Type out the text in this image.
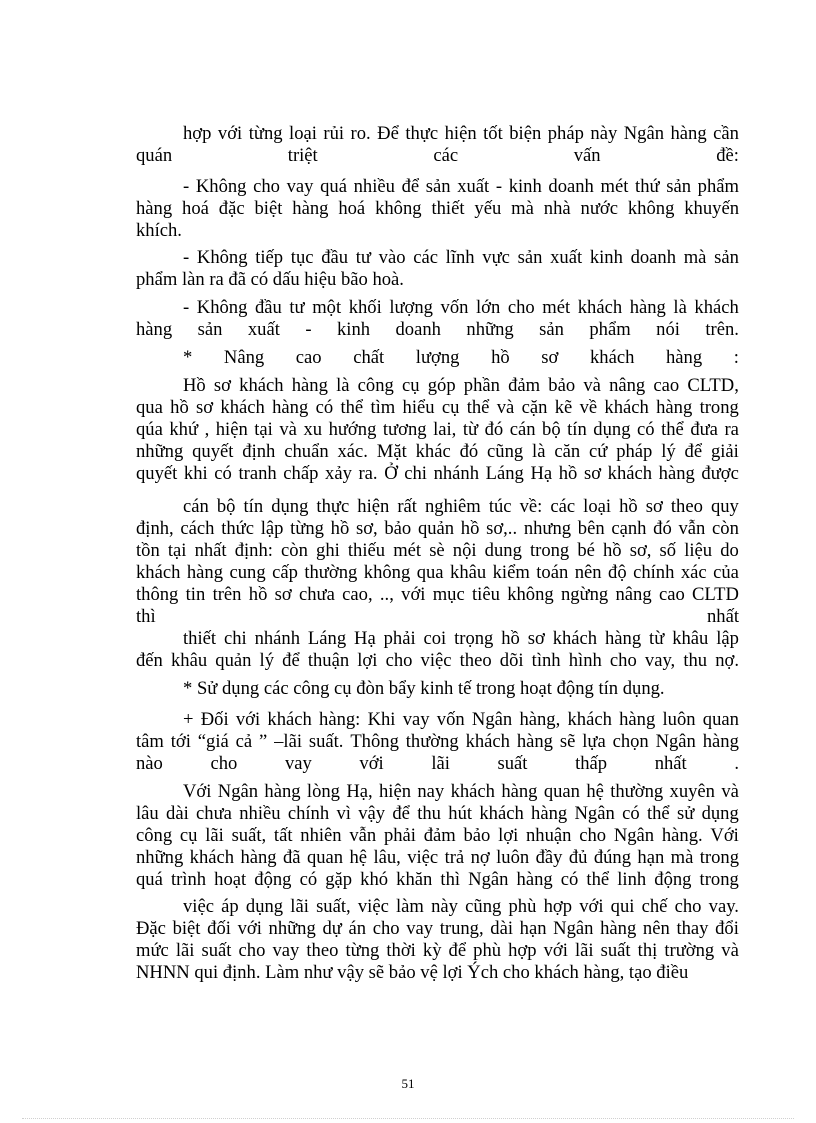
hợp với từng loại rủi ro. Để thực hiện tốt biện pháp này Ngân hàng cần
quán	triệt	các	vấn	đề:
- Không cho vay quá nhiều để sản xuất - kinh doanh mét thứ sản phẩm
hàng hoá đặc biệt hàng hoá không thiết yếu mà nhà nước không khuyến
khích.
- Không tiếp tục đầu tư vào các lĩnh vực sản xuất kinh doanh mà sản
phẩm làn ra đã có dấu hiệu bão hoà.
- Không đầu tư một khối lượng vốn lớn cho mét khách hàng là khách
hàng sản xuất - kinh doanh những sản phẩm nói trên.
* Nâng cao chất lượng hồ sơ khách hàng :
Hồ sơ khách hàng là công cụ góp phần đảm bảo và nâng cao CLTD,
qua hồ sơ khách hàng có thể tìm hiểu cụ thể và cặn kẽ về khách hàng trong
qúa khứ , hiện tại và xu hướng tương lai, từ đó cán bộ tín dụng có thể đưa ra
những quyết định chuẩn xác. Mặt khác đó cũng là căn cứ pháp lý để giải
quyết khi có tranh chấp xảy ra. Ở chi nhánh Láng Hạ hồ sơ khách hàng được
cán bộ tín dụng thực hiện rất nghiêm túc về: các loại hồ sơ theo quy
định, cách thức lập từng hồ sơ, bảo quản hồ sơ,.. nhưng bên cạnh đó vẫn còn
tồn tại nhất định: còn ghi thiếu mét sè nội dung trong bé hồ sơ, số liệu do
khách hàng cung cấp thường không qua khâu kiểm toán nên độ chính xác của
thông tin trên hồ sơ chưa cao, .., với mục tiêu không ngừng nâng cao CLTD
thì	nhất
thiết chi nhánh Láng Hạ phải coi trọng hồ sơ khách hàng từ khâu lập
đến khâu quản lý để thuận lợi cho việc theo dõi tình hình cho vay, thu nợ.
* Sử dụng các công cụ đòn bẩy kinh tế trong hoạt động tín dụng.
+ Đối với khách hàng: Khi vay vốn Ngân hàng, khách hàng luôn quan
tâm tới “giá cả ” –lãi suất. Thông thường khách hàng sẽ lựa chọn Ngân hàng
nào	cho	vay	với	lãi	suất	thấp	nhất	.
Với Ngân hàng lòng Hạ, hiện nay khách hàng quan hệ thường xuyên và
lâu dài chưa nhiều chính vì vậy để thu hút khách hàng Ngân có thể sử dụng
công cụ lãi suất, tất nhiên vẫn phải đảm bảo lợi nhuận cho Ngân hàng. Với
những khách hàng đã quan hệ lâu, việc trả nợ luôn đầy đủ đúng hạn mà trong
quá trình hoạt động có gặp khó khăn thì Ngân hàng có thể linh động trong
việc áp dụng lãi suất, việc làm này cũng phù hợp với qui chế cho vay.
Đặc biệt đối với những dự án cho vay trung, dài hạn Ngân hàng nên thay đổi
mức lãi suất cho vay theo từng thời kỳ để phù hợp với lãi suất thị trường và
NHNN qui định. Làm như vậy sẽ bảo vệ lợi Ých cho khách hàng, tạo điều
51
